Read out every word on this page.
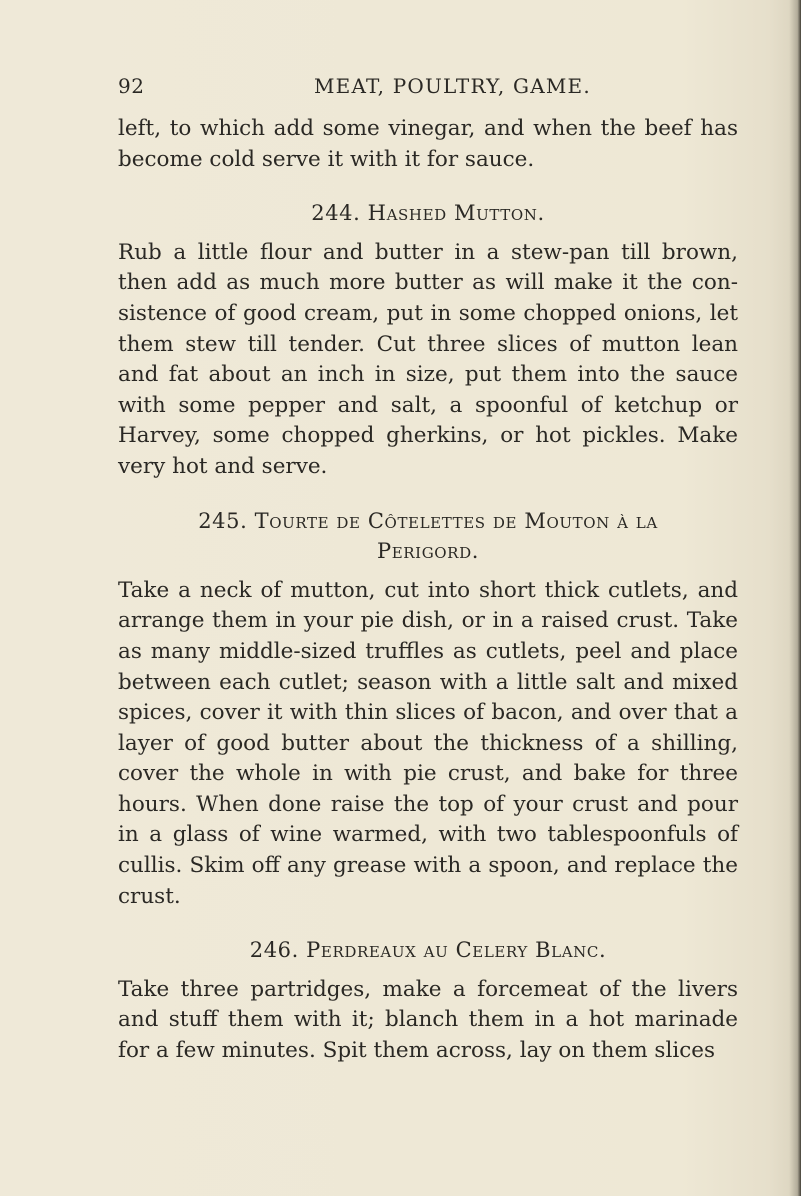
92	MEAT, POULTRY, GAME.

left, to which add some vinegar, and when the beef has become cold serve it with it for sauce.

244. Hashed Mutton.

Rub a little flour and butter in a stew-pan till brown, then add as much more butter as will make it the consistence of good cream, put in some chopped onions, let them stew till tender. Cut three slices of mutton lean and fat about an inch in size, put them into the sauce with some pepper and salt, a spoonful of ketchup or Harvey, some chopped gherkins, or hot pickles. Make very hot and serve.

245. Tourte de Côtelettes de Mouton à la
Perigord.

Take a neck of mutton, cut into short thick cutlets, and arrange them in your pie dish, or in a raised crust. Take as many middle-sized truffles as cutlets, peel and place between each cutlet; season with a little salt and mixed spices, cover it with thin slices of bacon, and over that a layer of good butter about the thickness of a shilling, cover the whole in with pie crust, and bake for three hours. When done raise the top of your crust and pour in a glass of wine warmed, with two tablespoonfuls of cullis. Skim off any grease with a spoon, and replace the crust.

246. Perdreaux au Celery Blanc.

Take three partridges, make a forcemeat of the livers and stuff them with it; blanch them in a hot marinade for a few minutes. Spit them across, lay on them slices
